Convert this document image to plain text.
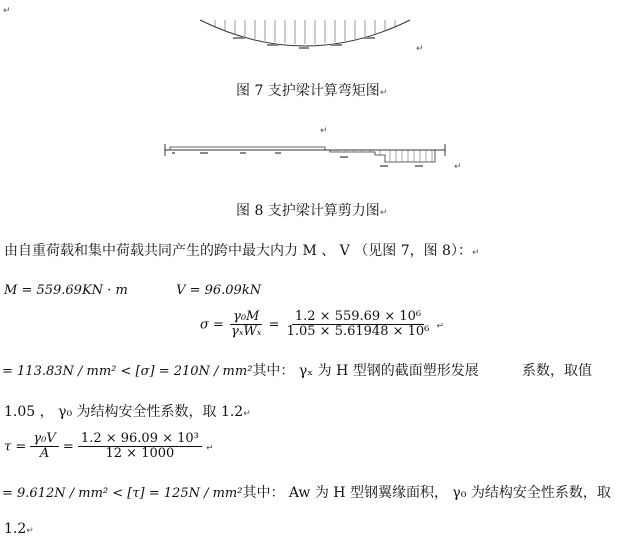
↵
↵
图 7 支护梁计算弯矩图↵
↵
↵
图 8 支护梁计算剪力图↵
由自重荷载和集中荷载共同产生的跨中最大内力 M 、 V （见图 7，图 8）：↵
M = 559.69KN · m	V = 96.09kN
$\sigma = \frac{\text{γ₀M}}{\text{γₓWₓ}} = \frac{\text{1.2 × 559.69 × 10⁶}}{\text{1.05 × 5.61948 × 10⁶}}$ ↵
= 113.83N / mm² < [σ] = 210N / mm²其中： γₓ 为 H 型钢的截面塑形发展	系数，取值
1.05 ， γ₀ 为结构安全性系数，取 1.2↵
$\tau = \frac{\text{γ₀V}}{A} = \frac{\text{1.2 × 96.09 × 10³}}{12 \times 1000}$ ↵
= 9.612N / mm² < [τ] = 125N / mm²其中： Aw 为 H 型钢翼缘面积， γ₀ 为结构安全性系数，取
1.2↵
